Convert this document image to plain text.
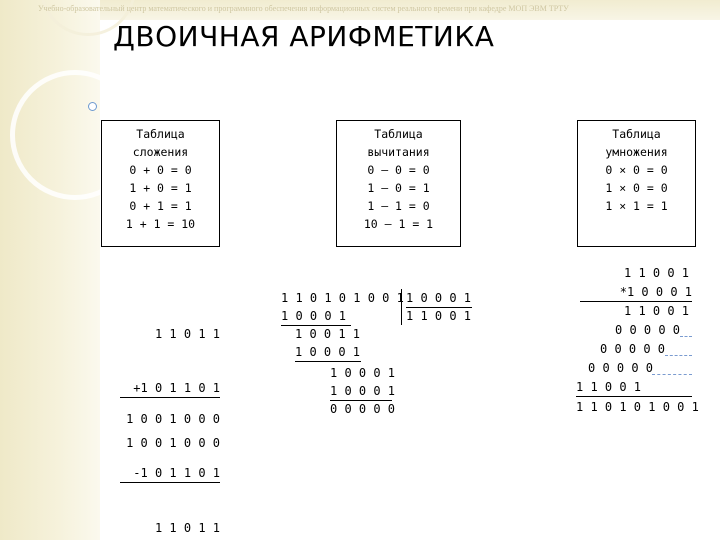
Учебно-образовательный центр математического и программного обеспечения информационных систем реального времени при кафедре МОП ЭВМ ТРТУ
ДВОИЧНАЯ АРИФМЕТИКА
Таблица
сложения
0 + 0 = 0
1 + 0 = 1
0 + 1 = 1
1 + 1 = 10
Таблица
вычитания
0 – 0 = 0
1 – 0 = 1
1 – 1 = 0
10 – 1 = 1
Таблица
умножения
0 × 0 = 0
1 × 0 = 0
1 × 1 = 1

1 1 0 1 1

+1 0 1 1 0 1

1 0 0 1 0 0 0

1 0 0 1 0 0 0

-1 0 1 1 0 1

1 1 0 1 1

1 1 0 1 0 1 0 0 1 1 0 0 0 1
1 1 0 0 1
1 0 0 0 1
1 0 0 1 1
1 0 0 0 1
1 0 0 0 1
1 0 0 0 1
0 0 0 0 0
1 1 0 0 1
*1 0 0 0 1
1 1 0 0 1
0 0 0 0 0
0 0 0 0 0
0 0 0 0 0
1 1 0 0 1
1 1 0 1 0 1 0 0 1
